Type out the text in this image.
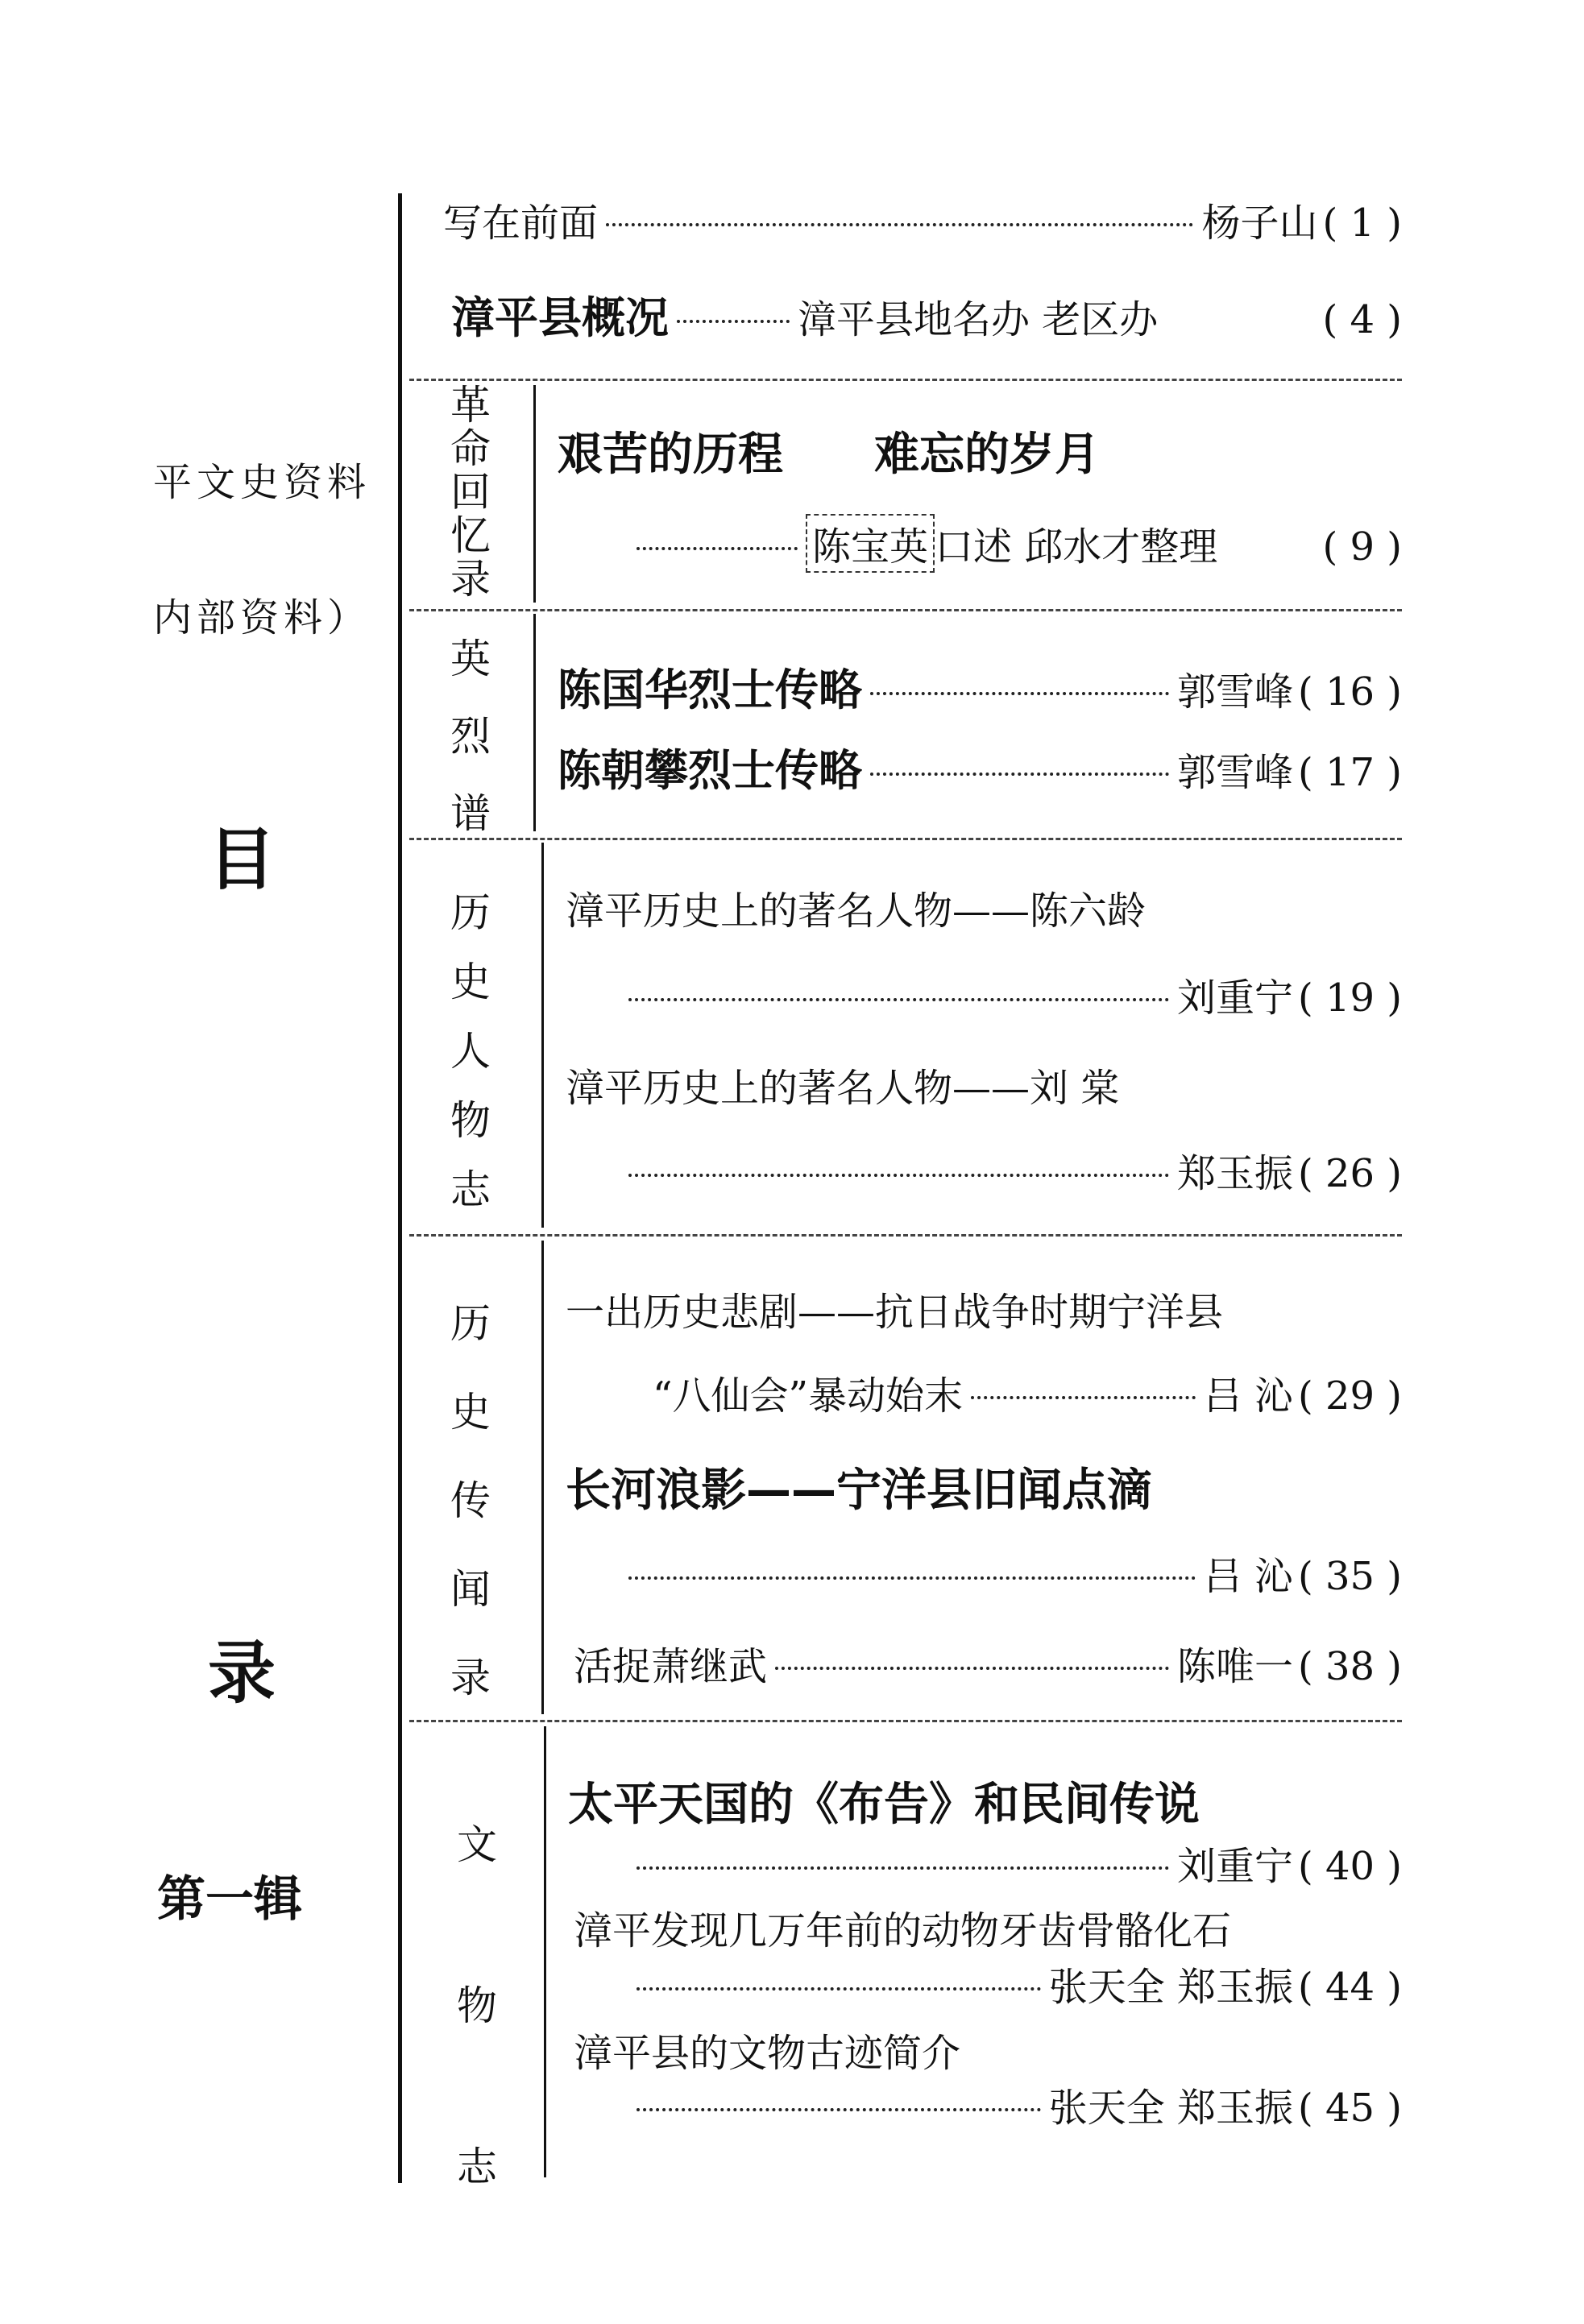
平文史资料
内部资料）
目
录
第一辑
写在前面	杨子山 ( 1 )
漳平县概况	漳平县地名办 老区办	( 4 )
革
命
回
忆
录
艰苦的历程 难忘的岁月
陈宝英 口述 邱水才整理	( 9 )
英
烈
谱
陈国华烈士传略	郭雪峰 ( 16 )
陈朝攀烈士传略	郭雪峰 ( 17 )
历
史
人
物
志
漳平历史上的著名人物——陈六龄
刘重宁 ( 19 )
漳平历史上的著名人物——刘 棠
郑玉振 ( 26 )
历
史
传
闻
录
一出历史悲剧——抗日战争时期宁洋县
“八仙会”暴动始末	吕 沁 ( 29 )
长河浪影——宁洋县旧闻点滴
吕 沁 ( 35 )
活捉萧继武	陈唯一 ( 38 )
文
物
志
太平天国的《布告》和民间传说
刘重宁 ( 40 )
漳平发现几万年前的动物牙齿骨骼化石
张天全 郑玉振 ( 44 )
漳平县的文物古迹简介
张天全 郑玉振 ( 45 )
